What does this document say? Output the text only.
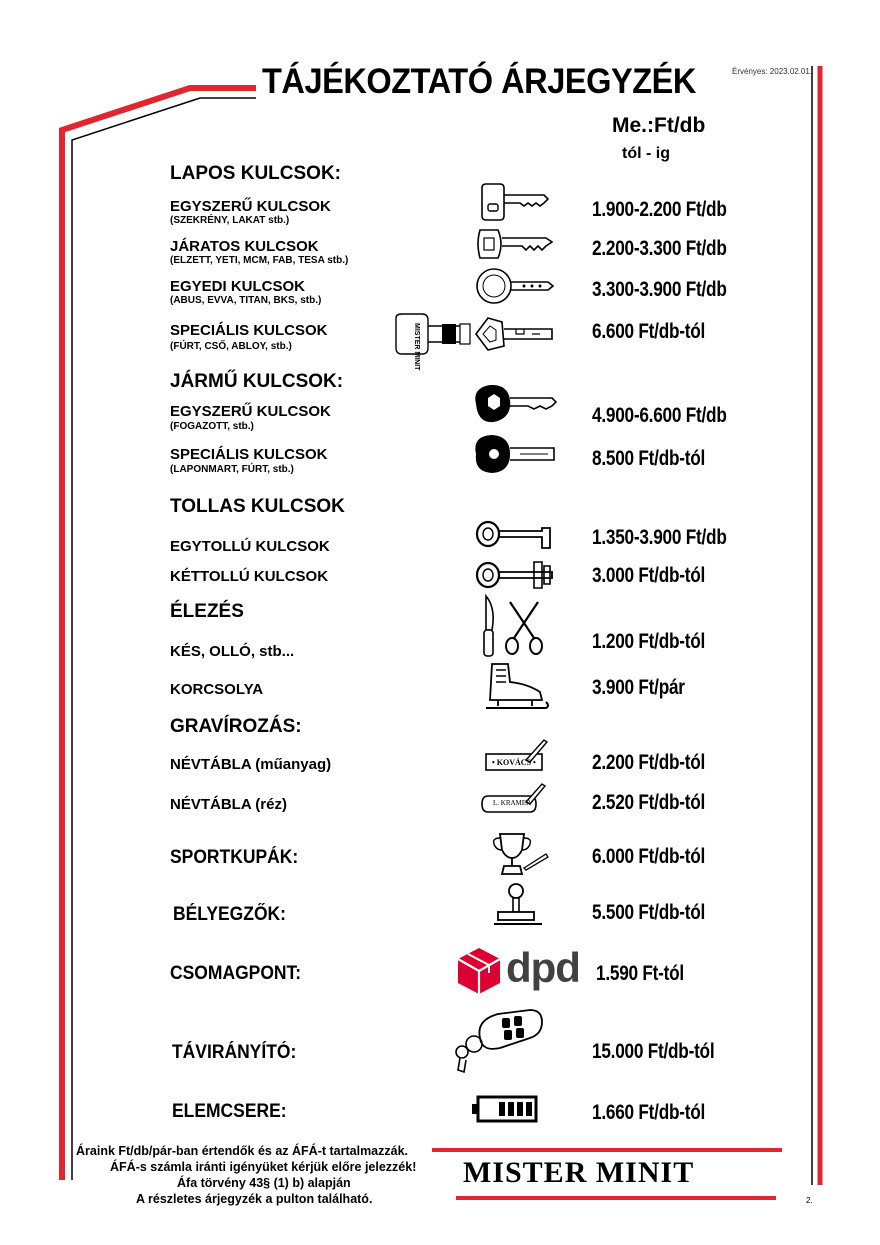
TÁJÉKOZTATÓ ÁRJEGYZÉK	Érvényes: 2023.02.01.
Me.:Ft/db
tól - ig
LAPOS KULCSOK:
EGYSZERŰ KULCSOK
(SZEKRÉNY, LAKAT stb.)	1.900-2.200 Ft/db
JÁRATOS KULCSOK
(ELZETT, YETI, MCM, FAB, TESA stb.)
2.200-3.300 Ft/db
EGYEDI KULCSOK
(ABUS, EVVA, TITAN, BKS, stb.)	3.300-3.900 Ft/db
SPECIÁLIS KULCSOK
(FÚRT, CSŐ, ABLOY, stb.)
6.600 Ft/db-tól
MISTER MINIT
JÁRMŰ KULCSOK:
EGYSZERŰ KULCSOK
(FOGAZOTT, stb.)	4.900-6.600 Ft/db
SPECIÁLIS KULCSOK
(LAPONMART, FÚRT, stb.)	8.500 Ft/db-tól
TOLLAS KULCSOK
EGYTOLLÚ KULCSOK	1.350-3.900 Ft/db
KÉTTOLLÚ KULCSOK	3.000 Ft/db-tól
ÉLEZÉS
KÉS, OLLÓ, stb...	1.200 Ft/db-tól
KORCSOLYA	3.900 Ft/pár
GRAVÍROZÁS:
NÉVTÁBLA (műanyag)	2.200 Ft/db-tól
• KOVÁCS •
NÉVTÁBLA (réz)	2.520 Ft/db-tól
L. KRAMER
SPORTKUPÁK:	6.000 Ft/db-tól
BÉLYEGZŐK:	5.500 Ft/db-tól
CSOMAGPONT:	1.590 Ft-tól
dpd
TÁVIRÁNYÍTÓ:	15.000 Ft/db-tól
ELEMCSERE:	1.660 Ft/db-tól
Áraink Ft/db/pár-ban értendők és az ÁFÁ-t tartalmazzák.
ÁFÁ-s számla iránti igényüket kérjük előre jelezzék!
Áfa törvény 43§ (1) b) alapján
A részletes árjegyzék a pulton található.
MISTER MINIT
2.
